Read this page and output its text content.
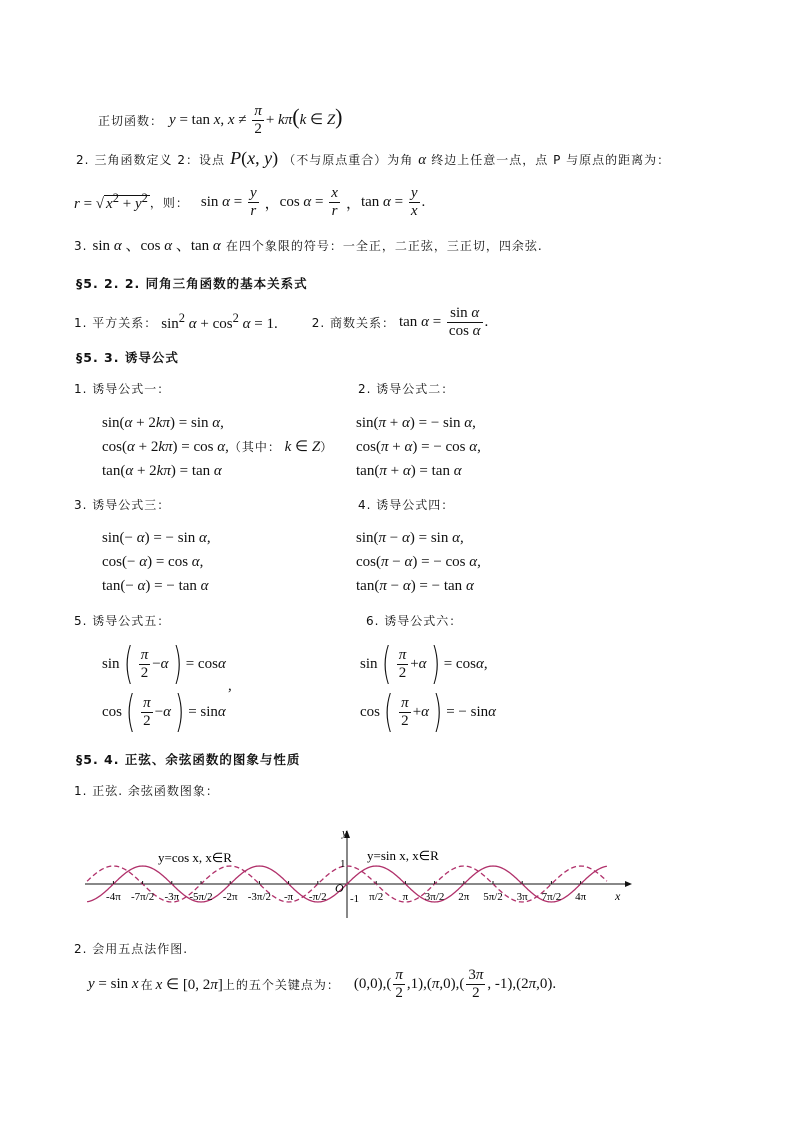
正切函数： y = tan x, $x \ne \frac{\pi}{2} + k\pi(k$ ∈ Z)
2. 三角函数定义 2：设点 P(x, y) （不与原点重合）为角 α 终边上任意一点，点 P 与原点的距离为：
r = √ $x^2 + y^2$ ，则： $\sin \alpha = \frac{y}{r}$ ， $\cos \alpha = \frac{x}{r}$ ， $\tan \alpha = \frac{y}{x}$ .
3. sin α 、cos α 、tan α 在四个象限的符号：一全正，二正弦，三正切，四余弦.
§5. 2. 2. 同角三角函数的基本关系式
1. 平方关系： $\sin^2 \alpha + \cos^2 \alpha = 1$.	2. 商数关系： $\tan \alpha = \frac{\text{sin α}}{\text{cos α}}$ .
§5. 3. 诱导公式
1. 诱导公式一：	2. 诱导公式二：
sin(α + 2kπ) = sin α,
cos(α + 2kπ) = cos α,（其中： k ∈ Z）
tan(α + 2kπ) = tan α
sin(π + α) = − sin α,
cos(π + α) = − cos α,
tan(π + α) = tan α
3. 诱导公式三：	4. 诱导公式四：
sin(− α) = − sin α,
cos(− α) = cos α,
tan(− α) = − tan α
sin(π − α) = sin α,
cos(π − α) = − cos α,
tan(π − α) = − tan α
5. 诱导公式五：	6. 诱导公式六：
sin ( $\frac{\pi}{2} - \alpha$ ) = cos α
cos ( $\frac{\pi}{2} - \alpha$ ) = sin α
,
sin ( $\frac{\pi}{2} + \alpha$ ) = cos α ,
cos ( $\frac{\pi}{2} + \alpha$ ) = − sin α
§5. 4. 正弦、余弦函数的图象与性质
1. 正弦. 余弦函数图象：
-4π -7π/2 -3π -5π/2 -2π -3π/2 -π -π/2	π/2 π 3π/2 2π 5π/2 3π 7π/2 4π
y=cos x, x∈R	y=sin x, x∈R
y
x
O
1
-1
2. 会用五点法作图.
y = sin x 在 x ∈ [0, 2π] 上的五个关键点为： $(0,0),( \frac{\pi}{2} ,1),(\pi,0),( \frac{3\pi}{2}$ , -1),(2π,0).
